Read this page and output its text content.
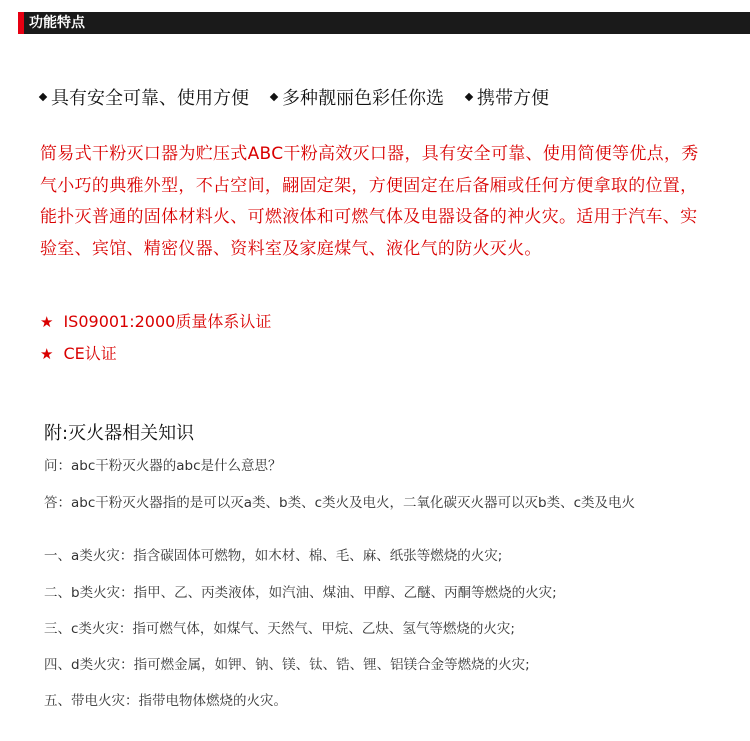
功能特点
具有安全可靠、使用方便 多种靓丽色彩任你选 携带方便
简易式干粉灭口器为贮压式ABC干粉高效灭口器，具有安全可靠、使用简便等优点，秀气小巧的典雅外型，不占空间，翤固定架，方便固定在后备厢或任何方便拿取的位置，能扑灭普通的固体材料火、可燃液体和可燃气体及电器设备的衶火灾。适用于汽车、实验室、宾馆、精密仪器、资料室及家庭煤气、液化气的防火灭火。
★ IS09001:2000质量体系认证
★ CE认证
附:灭火器相关知识
问：abc干粉灭火器的abc是什么意思？
答：abc干粉灭火器指的是可以灭a类、b类、c类火及电火，二氧化碳灭火器可以灭b类、c类及电火
一、a类火灾：指含碳固体可燃物，如木材、棉、毛、麻、纸张等燃烧的火灾;
二、b类火灾：指甲、乙、丙类液体，如汽油、煤油、甲醇、乙醚、丙酮等燃烧的火灾;
三、c类火灾：指可燃气体，如煤气、天然气、甲烷、乙炔、氢气等燃烧的火灾;
四、d类火灾：指可燃金属，如钾、钠、镁、钛、锆、锂、铝镁合金等燃烧的火灾;
五、带电火灾：指带电物体燃烧的火灾。
